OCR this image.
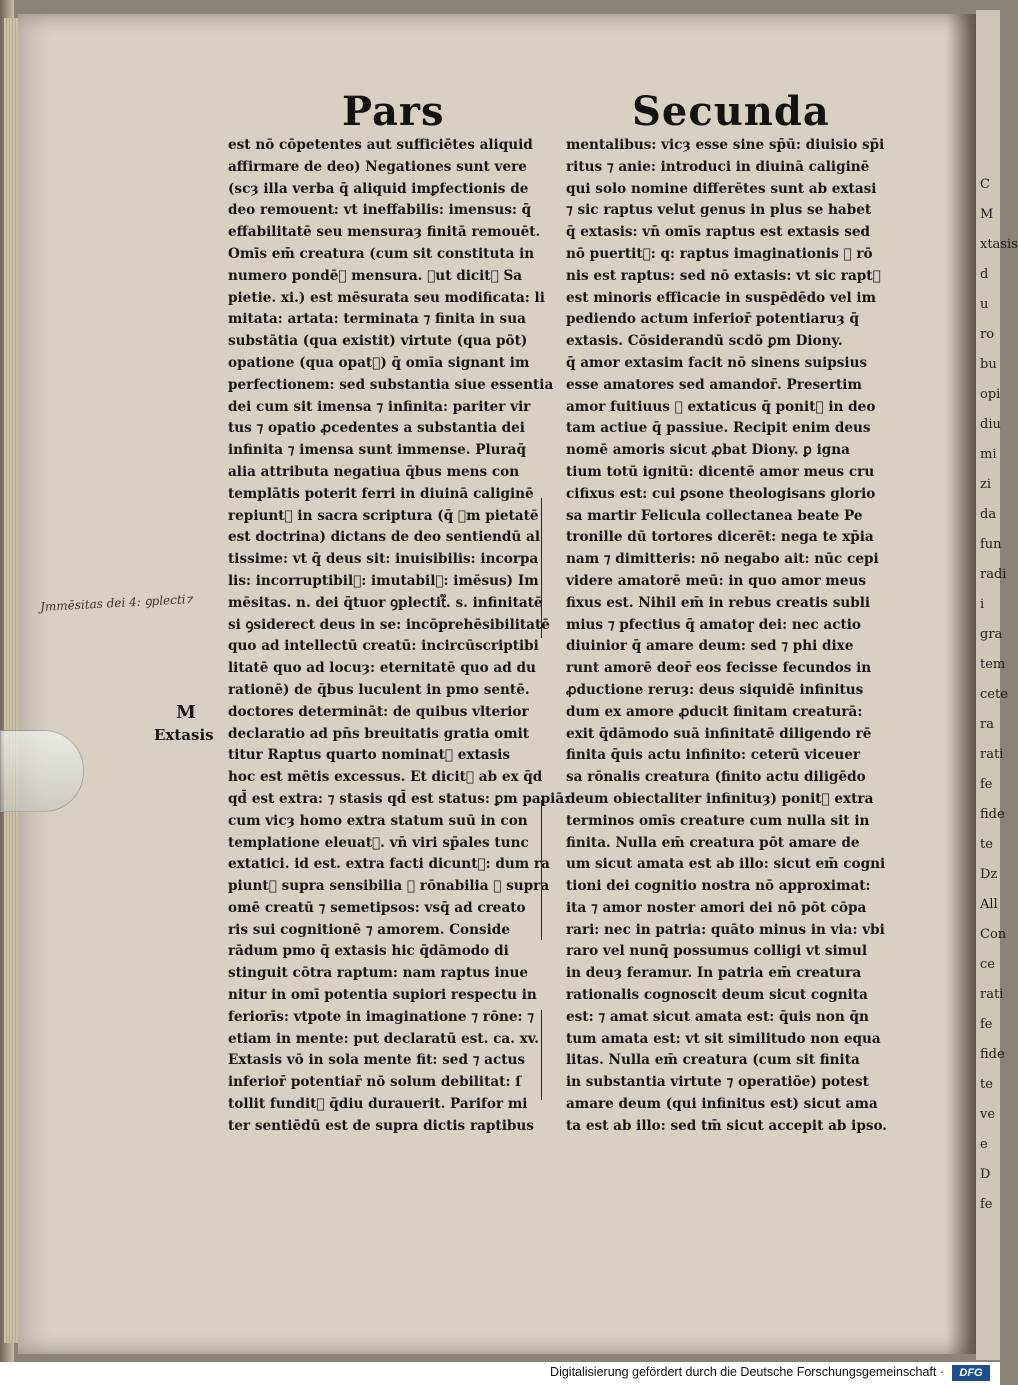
C
M
xtasis
d
u
ro
bu
opi
diu
mi
zi
da
fun
radi
i
gra
tem
cete
ra
rati
fe
fide
te
Dz
All
Con
ce
rati
fe
fide
te
ve
e
D
fe
Pars	Secunda
est nō cōpetentes aut sufficiētes aliquid
affirmare de deo) Negationes sunt vere
(scȝ illa verba q̄ aliquid imꝑfectionis de
deo remouent: vt ineffabilis: imensus: q̄
effabilitatē seu mensuraȝ finitā remouēt.
Omīs em̄ creatura (cum sit constituta in
numero pondē᷑ mensura. ꝑut dicit᷑ Sa
pietie. xi.) est mēsurata seu modificata: li
mitata: artata: terminata ⁊ finita in sua
substātia (qua existit) virtute (qua pōt)
opatione (qua opat᷑) q̄ omīa signant im
perfectionem: sed substantia siue essentia
dei cum sit imensa ⁊ infinita: pariter vir
tus ⁊ opatio ꝓcedentes a substantia dei
infinita ⁊ imensa sunt immense. Pluraq̄
alia attributa negatiua q̄bus mens con
templātis poterit ferri in diuinā caliginē
repiunt᷑ in sacra scriptura (q̄ ꝑm pietatē
est doctrina) dictans de deo sentiendū al
tissime: vt q̄ deus sit: inuisibilis: incorpa
lis: incorruptibil᷑: imutabil᷑: imēsus) Im
mēsitas. n. dei q̄tuor ꝯplectit᷑. s. infinitatē
si ꝯsiderect deus in se: incōprehēsibilitatē
quo ad intellectū creatū: incircūscriptibi
litatē quo ad locuȝ: eternitatē quo ad du
rationē) de q̄bus luculent in pmo sentē.
doctores determināt: de quibus vlterior
declaratio ad pn̄s breuitatis gratia omit
titur Raptus quarto nominat᷑ extasis
hoc est mētis excessus. Et dicit᷑ ab ex q̄d
qd̄ est extra: ⁊ stasis qd̄ est status: ꝑm papiā:
cum vicȝ homo extra statum suū in con
templatione eleuat᷑. vn̄ viri sp̄ales tunc
extatici. id est. extra facti dicunt᷑: dum ra
piunt᷑ supra sensibilia ⁊ rōnabilia ⁊ supra
omē creatū ⁊ semetipsos: vsq̄ ad creato
ris sui cognitionē ⁊ amorem. Conside
rādum pmo q̄ extasis hic q̄dāmodo di
stinguit cōtra raptum: nam raptus inue
nitur in omī potentia supiori respectu in
feriorīs: vtpote in imaginatione ⁊ rōne: ⁊
etiam in mente: put declaratū est. ca. xv.
Extasis vō in sola mente fit: sed ⁊ actus
inferior̄ potentiar̄ nō solum debilitat: ſ
tollit fundit᷑ q̄diu durauerit. Parifor mi
ter sentiēdū est de supra dictis raptibus
mentalibus: vicȝ esse sine sp̄ū: diuisio sp̄i
ritus ⁊ anie: introduci in diuinā caliginē
qui solo nomine differētes sunt ab extasi
⁊ sic raptus velut genus in plus se habet
q̄ extasis: vn̄ omīs raptus est extasis sed
nō puertit᷑: q: raptus imaginationis ⁊ rō
nis est raptus: sed nō extasis: vt sic rapt᷒
est minoris efficacie in suspēdēdo vel im
pediendo actum inferior̄ potentiaruȝ q̄
extasis. Cōsiderandū scdō ꝑm Diony.
q̄ amor extasim facit nō sinens suipsius
esse amatores sed amandor̄. Presertim
amor fuitiuus ⁊ extaticus q̄ ponit᷑ in deo
tam actiue q̄ passiue. Recipit enim deus
nomē amoris sicut ꝓbat Diony. ꝑ igna
tium totū ignitū: dicentē amor meus cru
cifixus est: cui ꝑsone theologisans glorio
sa martir Felicula collectanea beate Pe
tronille dū tortores dicerēt: nega te xp̄ia
nam ⁊ dimitteris: nō negabo ait: nūc cepi
videre amatorē meū: in quo amor meus
fixus est. Nihil em̄ in rebus creatis subli
mius ⁊ pfectius q̄ amatoɼ dei: nec actio
diuinior q̄ amare deum: sed ⁊ phi dixe
runt amorē deor̄ eos fecisse fecundos in
ꝓductione reruȝ: deus siquidē infinitus
dum ex amore ꝓducit finitam creaturā:
exit q̄dāmodo suā infinitatē diligendo rē
finita q̄uis actu infinito: ceterū viceuer
sa rōnalis creatura (finito actu diligēdo
deum obiectaliter infinituȝ) ponit᷑ extra
terminos omīs creature cum nulla sit in
finita. Nulla em̄ creatura pōt amare de
um sicut amata est ab illo: sicut em̄ cogni
tioni dei cognitio nostra nō approximat:
ita ⁊ amor noster amori dei nō pōt cōpa
rari: nec in patria: quāto minus in via: vbi
raro vel nunq̄ possumus colligi vt simul
in deuȝ feramur. In patria em̄ creatura
rationalis cognoscit deum sicut cognita
est: ⁊ amat sicut amata est: q̄uis non q̄n
tum amata est: vt sit similitudo non equa
litas. Nulla em̄ creatura (cum sit finita
in substantia virtute ⁊ operatiōe) potest
amare deum (qui infinitus est) sicut ama
ta est ab illo: sed tm̄ sicut accepit ab ipso.
Jmmēsitas dei 4: ꝯplecti⁊
M
Extasis
Digitalisierung gefördert durch die Deutsche Forschungsgemeinschaft ·	DFG
